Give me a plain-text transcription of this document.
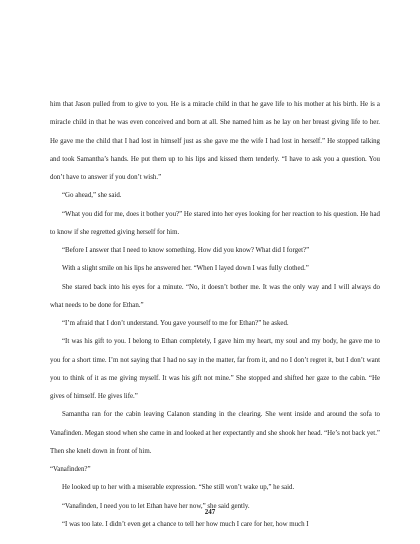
him that Jason pulled from to give to you. He is a miracle child in that he gave life to his mother at his birth. He is a miracle child in that he was even conceived and born at all. She named him as he lay on her breast giving life to her. He gave me the child that I had lost in himself just as she gave me the wife I had lost in herself.” He stopped talking and took Samantha’s hands. He put them up to his lips and kissed them tenderly. “I have to ask you a question. You don’t have to answer if you don’t wish.”

“Go ahead,” she said.

“What you did for me, does it bother you?” He stared into her eyes looking for her reaction to his question. He had to know if she regretted giving herself for him.

“Before I answer that I need to know something. How did you know? What did I forget?”

With a slight smile on his lips he answered her. “When I layed down I was fully clothed.”

She stared back into his eyes for a minute. “No, it doesn’t bother me. It was the only way and I will always do what needs to be done for Ethan.”

“I’m afraid that I don’t understand. You gave yourself to me for Ethan?” he asked.

“It was his gift to you. I belong to Ethan completely, I gave him my heart, my soul and my body, he gave me to you for a short time. I’m not saying that I had no say in the matter, far from it, and no I don’t regret it, but I don’t want you to think of it as me giving myself. It was his gift not mine.” She stopped and shifted her gaze to the cabin. “He gives of himself. He gives life.”

Samantha ran for the cabin leaving Calanon standing in the clearing. She went inside and around the sofa to Vanafinden. Megan stood when she came in and looked at her expectantly and she shook her head. “He’s not back yet.” Then she knelt down in front of him.

“Vanafinden?”

He looked up to her with a miserable expression. “She still won’t wake up,” he said.

“Vanafinden, I need you to let Ethan have her now,” she said gently.

“I was too late. I didn’t even get a chance to tell her how much I care for her, how much I

247
